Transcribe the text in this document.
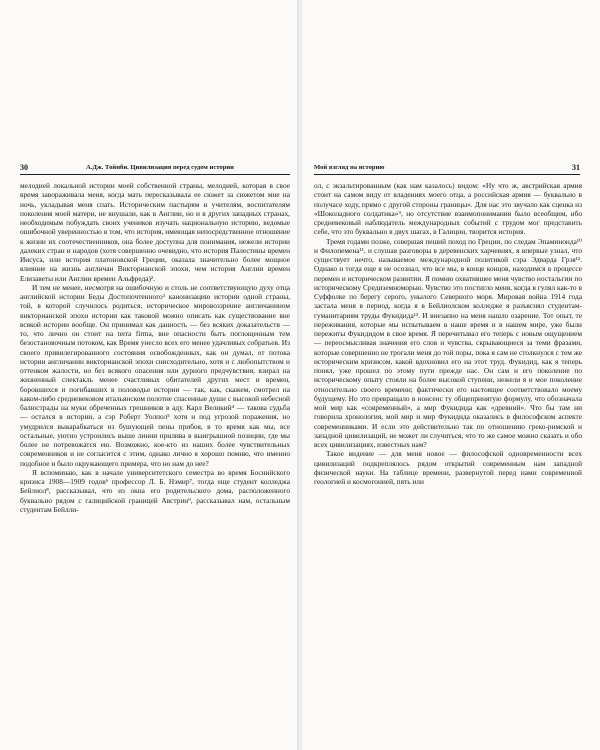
30	А.Дж. Тойнби. Цивилизация перед судом истории

мелодией локальной истории моей собственной страны, мелодией, которая в свое время завораживала меня, когда мать пересказывала ее сюжет за сюжетом мне на ночь, укладывая меня спать. Историческим пастырям и учителям, воспитателям поколения моей матери, не внушали, как в Англии, но и в других западных странах, необходимым побуждать своих учеников изучать национальную историю, ведомые ошибочной уверенностью в том, что история, имеющая непосредственное отношение к жизни их соотечественников, она более доступна для понимания, нежели истории далеких стран и народов (хотя совершенно очевидно, что история Палестины времен Иисуса, или история платоновской Греции, оказала значительно более мощное влияние на жизнь англичан Викторианской эпохи, чем история Англии времен Елизаветы или Англии времен Альфреда)².

И тем не менее, несмотря на ошибочную и столь не соответствующую духу отца английской истории Беды Достопочтенного³ канонизацию истории одной страны, той, в которой случилось родиться, историческое мировоззрение англичанином викторианской эпохи истории как таковой можно описать как существование вне всякой истории вообще. Он принимал как данность — без всяких доказательств — то, что лично он стоит на terra firma, вне опасности быть поглощенным тем безостановочным потоком, как Время унесло всех его менее удачливых собратьев. Из своего привилегированного состояния освобожденных, как он думал, от потока истории англичанин викторианской эпохи снисходительно, хотя и с любопытством и оттенком жалости, но без всякого опасения или дурного предчувствия, взирал на жизненный спектакль менее счастливых обитателей других мест и времен, боровшихся и погибавших в половодье истории — так, как, скажем, смотрел на каком-либо средневековом итальянском полотне спасенные души с высокой небесной балюстрады на муки обреченных грешников в аду. Карл Великий⁴ — такова судьба — остался в истории, а сэр Роберт Уолпол⁵ хотя и под угрозой поражения, но умудрился выкарабкаться из бушующей пены прибоя, в то время как мы, все остальные, уютно устроились выше линии прилива в выигрышной позиции, где мы более не потревожатся ею. Возможно, кое-кто из наших более чувствительных современников и не согласится с этим, однако лично я хорошо помню, что именно подобное и было окружающего примера, что но нам до нее?

Я вспоминаю, как в начале университетского семестра во время Боснийского кризиса 1908—1909 годов⁶ профессор Л. Б. Нэмир⁷, тогда еще студент колледжа Бейлиол⁸, рассказывал, что из окна его родительского дома, расположенного буквально рядом с галицийской границей Австрии⁹, рассказывал нам, остальным студентам Бейлли-

Мой взгляд на историю	31

ол, с экзальтированным (как нам казалось) видом: «Ну что ж, австрийская армия стоит на самом виду от владениях моего отца, а российская армия — буквально в получасе ходу, прямо с другой стороны границы». Для нас это звучало как сценка из «Шоколадного солдатика»⁹, но отсутствие взаимопонимания было всеобщим, ибо средневековый наблюдатель международных событий с трудом мог представить себе, что это буквально в двух шагах, в Галиции, творится история.

Тремя годами позже, совершая пеший поход по Греции, по следам Эпаминонда¹⁰ и Филопемена¹¹, и слушая разговоры в деревенских харчевнях, я впервые узнал, что существует нечто, называемое международной политикой сэра Эдварда Грэя¹². Однако и тогда еще я не осознал, что все мы, в конце концов, находимся в процессе перемен и историческом развитии. Я помню охватившее меня чувство ностальгии по историческому Средиземноморью. Чувство это постигло меня, когда я гулял как-то в Суффолке по берегу серого, унылого Северного моря. Мировая война 1914 года застала меня в период, когда я в Бейлиолском колледже я разъяснял студентам-гуманитариям труды Фукидида¹³. И внезапно на меня нашло озарение. Тот опыт, те переживания, которые мы испытываем в наше время и в нашем мире, уже были пережиты Фукидидом в свое время. Я перечитывал его теперь с новым ощущением — переосмысливая значения его слов и чувства, скрывающиеся за теми фразами, которые совершенно не трогали меня до той поры, пока я сам не столкнулся с тем же историческим кризисом, какой вдохновил его на этот труд. Фукидид, как я теперь понял, уже прошел по этому пути прежде нас. Он сам и его поколение по историческому опыту стояли на более высокой ступени, нежели я и мое поколение относительно своего времени; фактически его настоящее соответствовало моему будущему. Но это превращало в нонсенс ту общепринятую формулу, что обозначала мой мир как «современный», а мир Фукидида как «древний». Что бы там ни говорила хронология, мой мир и мир Фукидида оказались в философском аспекте современниками. И если это действительно так по отношению греко-римской и западной цивилизаций, не может ли случиться, что то же самое можно сказать и обо всех цивилизациях, известных нам?

Такое видение — для меня новое — философской одновременности всех цивилизаций подкреплялось рядом открытий современным нам западной физической науки. На таблице времени, развернутой перед нами современной геологией и космогонией, пять или
